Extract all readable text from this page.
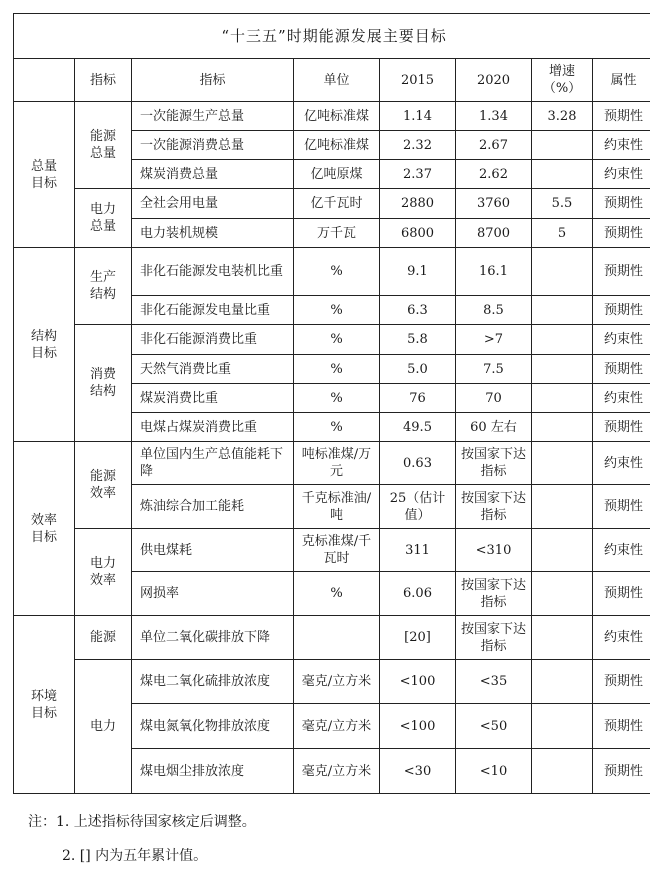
“十三五”时期能源发展主要目标							
	指标	指标	单位	2015	2020	增速（%）	属性
总量目标	能源总量	一次能源生产总量	亿吨标准煤	1.14	1.34	3.28	预期性
		一次能源消费总量	亿吨标准煤	2.32	2.67		约束性
		煤炭消费总量	亿吨原煤	2.37	2.62		约束性
	电力总量	全社会用电量	亿千瓦时	2880	3760	5.5	预期性
		电力装机规模	万千瓦	6800	8700	5	预期性
结构目标	生产结构	非化石能源发电装机比重	%	9.1	16.1		预期性
		非化石能源发电量比重	%	6.3	8.5		预期性
	消费结构	非化石能源消费比重	%	5.8	>7		约束性
		天然气消费比重	%	5.0	7.5		预期性
		煤炭消费比重	%	76	70		约束性
		电煤占煤炭消费比重	%	49.5	60 左右		预期性
效率目标	能源效率	单位国内生产总值能耗下降	吨标准煤/万元	0.63	按国家下达指标		约束性
		炼油综合加工能耗	千克标准油/吨	25（估计值）	按国家下达指标		预期性
	电力效率	供电煤耗	克标准煤/千瓦时	311	<310		约束性
		网损率	%	6.06	按国家下达指标		预期性
环境目标	能源	单位二氧化碳排放下降		[20]	按国家下达指标		约束性
	电力	煤电二氧化硫排放浓度	毫克/立方米	<100	<35		预期性
		煤电氮氧化物排放浓度	毫克/立方米	<100	<50		预期性
		煤电烟尘排放浓度	毫克/立方米	<30	<10		预期性
注：1. 上述指标待国家核定后调整。
2. [] 内为五年累计值。
